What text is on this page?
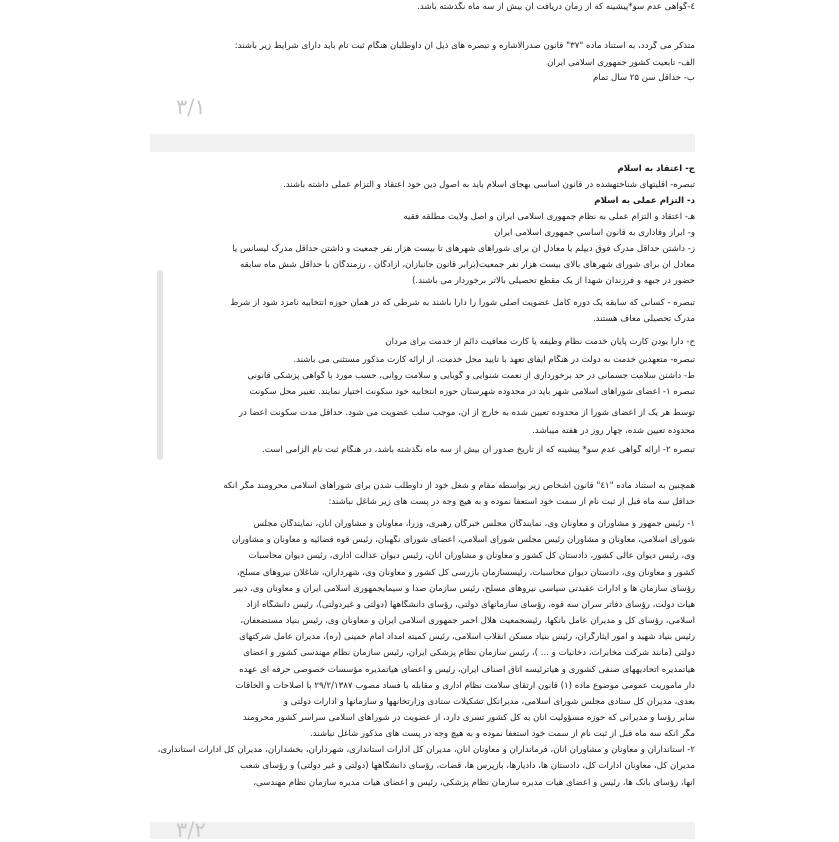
٤-گواهی عدم سو*پیشینه که از زمان دریافت آن بیش از سه ماه نگذشته باشد.
متذکر می گردد، به استناد ماده "۳۷" قانون صدرالاشاره و تبصره های ذیل آن داوطلبان هنگام ثبت نام باید دارای شرایط زیر باشند:
الف- تابعیت کشور جمهوری اسلامی ایران
ب- حداقل سن ۲۵ سال تمام
۳/۱
ج- اعتقاد به اسلام
تبصره- اقلیتهای شناختهشده در قانون اساسی بهجای اسلام باید به اصول دین خود اعتقاد و التزام عملی داشته باشند.
د- التزام عملی به اسلام
هـ- اعتقاد و التزام عملی به نظام جمهوری اسلامی ایران و اصل ولایت مطلقه فقیه
و- ابراز وفاداری به قانون اساسی جمهوری اسلامی ایران
ز- داشتن حداقل مدرک فوق دیپلم یا معادل آن برای شوراهای شهرهای تا بیست هزار نفر جمعیت و داشتن حداقل مدرک لیسانس یا
معادل آن برای شورای شهرهای بالای بیست هزار نفر جمعیت(برابر قانون جانبازان، آزادگان ، رزمندگان با حداقل شش ماه سابقه
حضور در جبهه و فرزندان شهدا از یک مقطع تحصیلی بالاتر برخوردار می باشند.)
تبصره - کسانی که سابقه یک دوره کامل عضویت اصلی شورا را دارا باشند به شرطی که در همان حوزه انتخابیه نامزد شود از شرط
مدرک تحصیلی معاف هستند.
ح- دارا بودن کارت پایان خدمت نظام وظیفه یا کارت معافیت دائم از خدمت برای مردان
تبصره- متعهدین خدمت به دولت در هنگام ایفای تعهد با تأیید محل خدمت، از ارائه کارت مذکور مستثنی می باشند.
ط- داشتن سلامت جسمانی در حد برخورداری از نعمت شنوایی و گویایی و سلامت روانی، حسب مورد با گواهی پزشکی قانونی
تبصره ١- اعضای شوراهای اسلامی شهر باید در محدوده شهرستان حوزه انتخابیه خود سکونت اختیار نمایند. تغییر محل سکونت
توسط هر یک از اعضای شورا از محدوده تعیین شده به خارج از آن، موجب سلب عضویت می شود. حداقل مدت سکونت اعضا در
محدوده تعیین شده، چهار روز در هفته میباشد.
تبصره ٢- ارائه گواهی عدم سو* پیشینه که از تاریخ صدور آن بیش از سه ماه نگذشته باشد، در هنگام ثبت نام الزامی است.
همچنین به استناد ماده "٤١" قانون اشخاص زیر بواسطه مقام و شغل خود از داوطلب شدن برای شوراهای اسلامی محرومند مگر آنکه
حداقل سه ماه قبل از ثبت نام از سمت خود استعفا نموده و به هیچ وجه در پست های زیر شاغل نباشند:
١- رئیس جمهور و مشاوران و معاونان وی، نمایندگان مجلس خبرگان رهبری، وزرا، معاونان و مشاوران آنان، نمایندگان مجلس
شورای اسلامی، معاونان و مشاوران رئیس مجلس شورای اسلامی، اعضای شورای نگهبان، رئیس قوه قضائیه و معاونان و مشاوران
وی، رئیس دیوان عالی کشور، دادستان کل کشور و معاونان و مشاوران آنان، رئیس دیوان عدالت اداری، رئیس دیوان محاسبات
کشور و معاونان وی، دادستان دیوان محاسبات، رئیسسازمان بازرسی کل کشور و معاونان وی، شهرداران، شاغلان نیروهای مسلح،
رؤسای سازمان ها و ادارات عقیدتی سیاسی نیروهای مسلح، رئیس سازمان صدا و سیمایجمهوری اسلامی ایران و معاونان وی، دبیر
هیأت دولت، رؤسای دفاتر سران سه قوه، رؤسای سازمانهای دولتی، رؤسای دانشگاهها (دولتی و غیردولتی)، رئیس دانشگاه آزاد
اسلامی، رؤسای کل و مدیران عامل بانکها، رئیسجمعیت هلال احمر جمهوری اسلامی ایران و معاونان وی، رئیس بنیاد مستضعفان،
رئیس بنیاد شهید و امور ایثارگران، رئیس بنیاد مسکن انقلاب اسلامی، رئیس کمیته امداد امام خمینی (ره)، مدیران عامل شرکتهای
دولتی (مانند شرکت مخابرات، دخانیات و ... )، رئیس سازمان نظام پزشکی ایران، رئیس سازمان نظام مهندسی کشور و اعضای
هیأتمدیره اتحادیههای صنفی کشوری و هیأترئیسه اتاق اصناف ایران، رئیس و اعضای هیأتمدیره مؤسسات خصوصی حرفه ای عهده
دار مأموریت عمومی موضوع ماده (١) قانون ارتقای سلامت نظام اداری و مقابله با فساد مصوب ٢٩/٢/١٣٨٧ با اصلاحات و الحاقات
بعدی، مدیران کل ستادی مجلس شورای اسلامی، مدیرانکل تشکیلات ستادی وزارتخانهها و سازمانها و ادارات دولتی و
سایر رؤسا و مدیرانی که حوزه مسؤولیت آنان به کل کشور تسری دارد، از عضویت در شوراهای اسلامی سراسر کشور محرومند
مگر آنکه سه ماه قبل از ثبت نام از سمت خود استعفا نموده و به هیچ وجه در پست های مذکور شاغل نباشند.
٢- استانداران و معاونان و مشاوران آنان، فرمانداران و معاونان آنان، مدیران کل ادارات استانداری، شهرداران، بخشداران، مدیران کل ادارات استانداری،
مدیران کل، معاونان ادارات کل، دادستان ها، دادیارها، بازپرس ها، قضات، رؤسای دانشگاهها (دولتی و غیر دولتی) و رؤسای شعب
آنها، رؤسای بانک ها، رئیس و اعضای هیأت مدیره سازمان نظام پزشکی، رئیس و اعضای هیأت مدیره سازمان نظام مهندسی،
۳/۲
